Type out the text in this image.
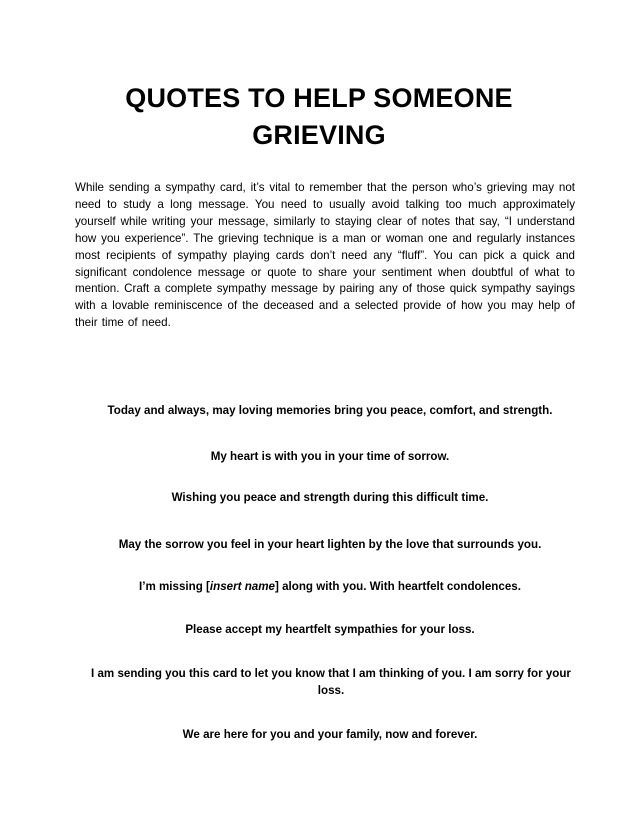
QUOTES TO HELP SOMEONE GRIEVING

While sending a sympathy card, it’s vital to remember that the person who’s grieving may not need to study a long message. You need to usually avoid talking too much approximately yourself while writing your message, similarly to staying clear of notes that say, “I understand how you experience”. The grieving technique is a man or woman one and regularly instances most recipients of sympathy playing cards don’t need any “fluff”. You can pick a quick and significant condolence message or quote to share your sentiment when doubtful of what to mention. Craft a complete sympathy message by pairing any of those quick sympathy sayings with a lovable reminiscence of the deceased and a selected provide of how you may help of their time of need.

Today and always, may loving memories bring you peace, comfort, and strength.

My heart is with you in your time of sorrow.

Wishing you peace and strength during this difficult time.

May the sorrow you feel in your heart lighten by the love that surrounds you.

I’m missing [insert name] along with you. With heartfelt condolences.

Please accept my heartfelt sympathies for your loss.

I am sending you this card to let you know that I am thinking of you. I am sorry for your loss.

We are here for you and your family, now and forever.
